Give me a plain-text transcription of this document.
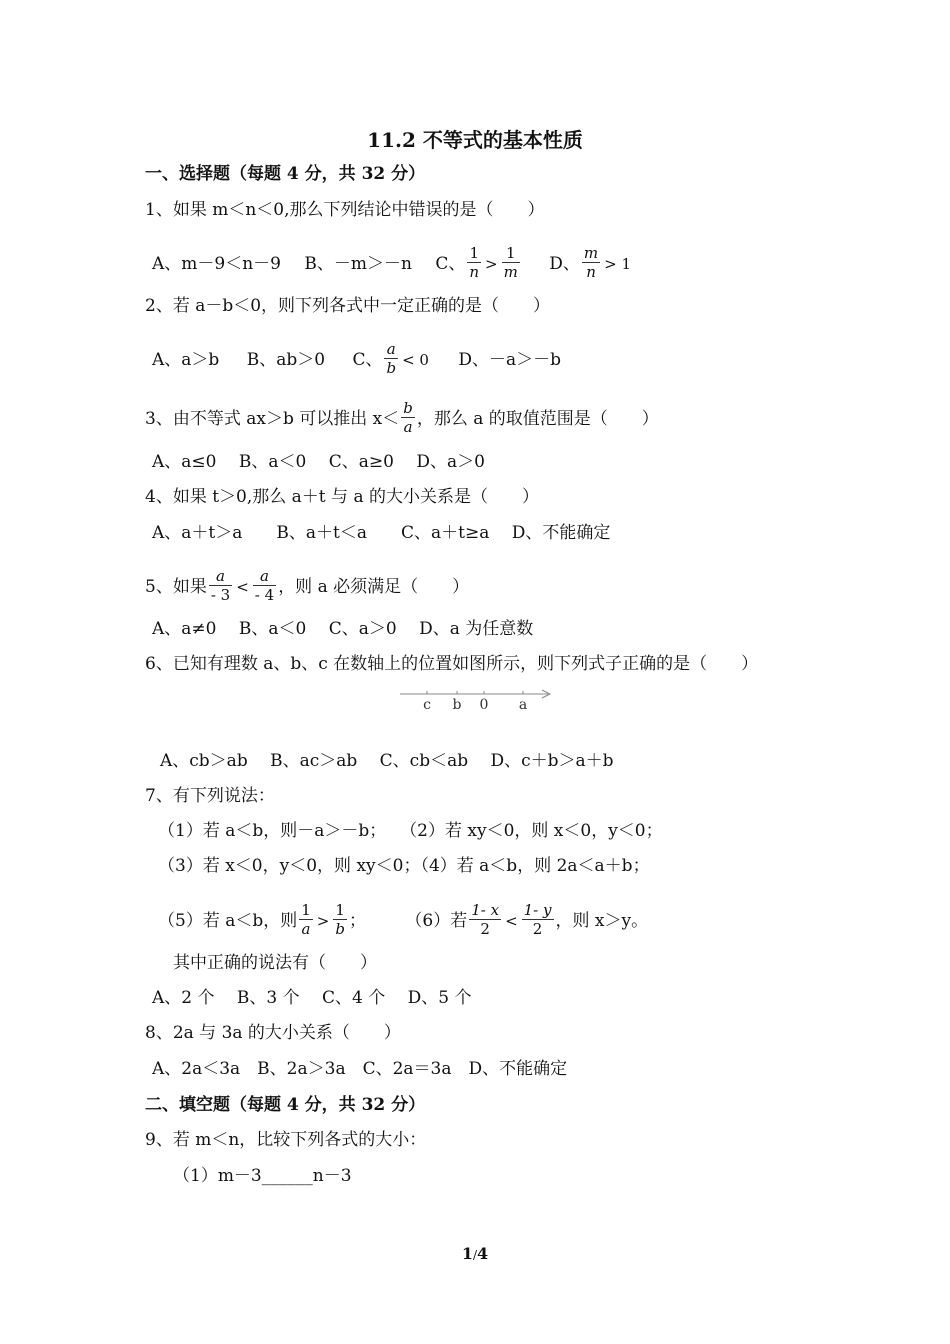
11.2 不等式的基本性质
一、选择题（每题 4 分，共 32 分）
1、如果 m＜n＜0,那么下列结论中错误的是（　　）
A、m－9＜n－9 B、－m＞－n C、 $\frac{1}{n} > \frac{1}{m}$ D、 $\frac{m}{n} > 1$
2、若 a－b＜0，则下列各式中一定正确的是（　　）
A、a＞b B、ab＞0 C、 $\frac{a}{b} < 0$ D、－a＞－b
3、由不等式 ax＞b 可以推出 $x< \frac{b}{a}$ ，那么 a 的取值范围是（　　）
A、a≤0　 B、a＜0　 C、a≥0　 D、a＞0
4、如果 t＞0,那么 a＋t 与 a 的大小关系是（　　）
A、a＋t＞a　　B、a＋t＜a　　C、a＋t≥a　 D、不能确定
5、如果 $\frac{a}{- 3} < \frac{a}{- 4}$ ，则 a 必须满足（　　）
A、a≠0　 B、a＜0　 C、a＞0　 D、a 为任意数
6、已知有理数 a、b、c 在数轴上的位置如图所示，则下列式子正确的是（　　）
c b 0 a
A、cb＞ab　 B、ac＞ab　 C、cb＜ab　 D、c＋b＞a＋b
7、有下列说法：
（1）若 a＜b，则－a＞－b；　 （2）若 xy＜0，则 x＜0，y＜0；
（3）若 x＜0，y＜0，则 xy＜0；（4）若 a＜b，则 2a＜a＋b；
（5）若 a＜b，则 $\frac{1}{a} > \frac{1}{b}$ ； （6）若 $\frac{1- x}{2} < \frac{1- y}{2}$ ，则 x＞y。
其中正确的说法有（　　）
A、2 个　 B、3 个　 C、4 个　 D、5 个
8、2a 与 3a 的大小关系（　　）
A、2a＜3a　B、2a＞3a　C、2a＝3a　D、不能确定
二、填空题（每题 4 分，共 32 分）
9、若 m＜n，比较下列各式的大小：
（1）m－3______n－3
1/4
